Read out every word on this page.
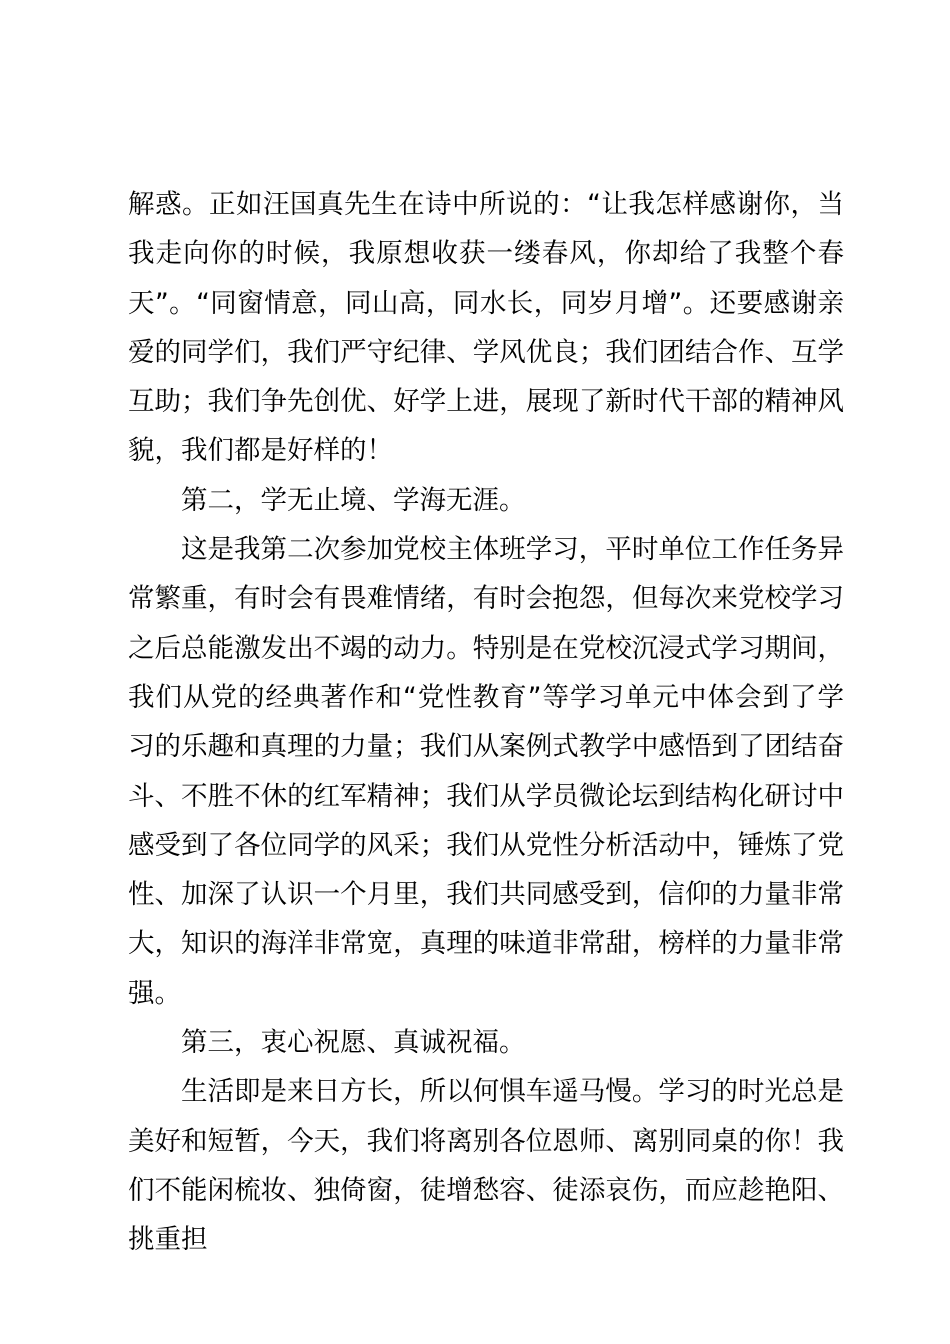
解惑。正如汪国真先生在诗中所说的：“让我怎样感谢你，当我走向你的时候，我原想收获一缕春风，你却给了我整个春天”。“同窗情意，同山高，同水长，同岁月增”。还要感谢亲爱的同学们，我们严守纪律、学风优良；我们团结合作、互学互助；我们争先创优、好学上进，展现了新时代干部的精神风貌，我们都是好样的！

第二，学无止境、学海无涯。

这是我第二次参加党校主体班学习，平时单位工作任务异常繁重，有时会有畏难情绪，有时会抱怨，但每次来党校学习之后总能激发出不竭的动力。特别是在党校沉浸式学习期间，我们从党的经典著作和“党性教育”等学习单元中体会到了学习的乐趣和真理的力量；我们从案例式教学中感悟到了团结奋斗、不胜不休的红军精神；我们从学员微论坛到结构化研讨中感受到了各位同学的风采；我们从党性分析活动中，锤炼了党性、加深了认识一个月里，我们共同感受到，信仰的力量非常大，知识的海洋非常宽，真理的味道非常甜，榜样的力量非常强。

第三，衷心祝愿、真诚祝福。

生活即是来日方长，所以何惧车遥马慢。学习的时光总是美好和短暂，今天，我们将离别各位恩师、离别同桌的你！我们不能闲梳妆、独倚窗，徒增愁容、徒添哀伤，而应趁艳阳、挑重担
